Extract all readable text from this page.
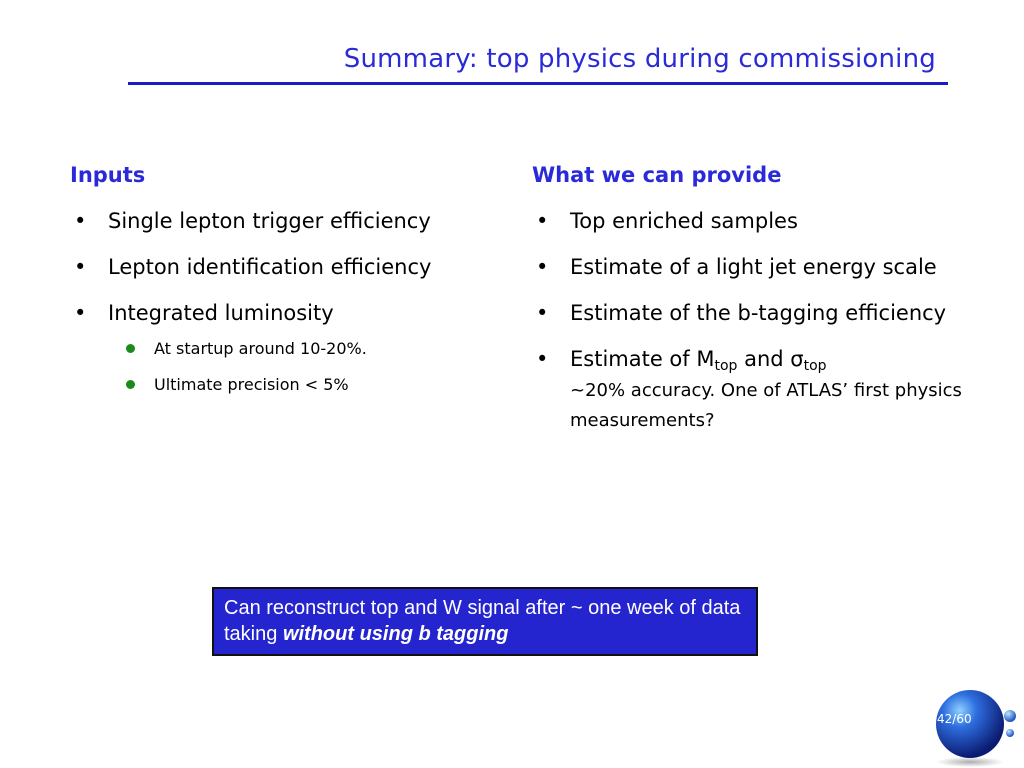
Summary: top physics during commissioning
Inputs
• Single lepton trigger efficiency
• Lepton identification efficiency
• Integrated luminosity
At startup around 10-20%.
Ultimate precision < 5%
What we can provide
• Top enriched samples
• Estimate of a light jet energy scale
• Estimate of the b-tagging efficiency
• Estimate of $M_{top}$ and $\sigma_{top}$
~20% accuracy. One of ATLAS’ first physics measurements?
Can reconstruct top and W signal after ~ one week of data taking without using b tagging
42/60
